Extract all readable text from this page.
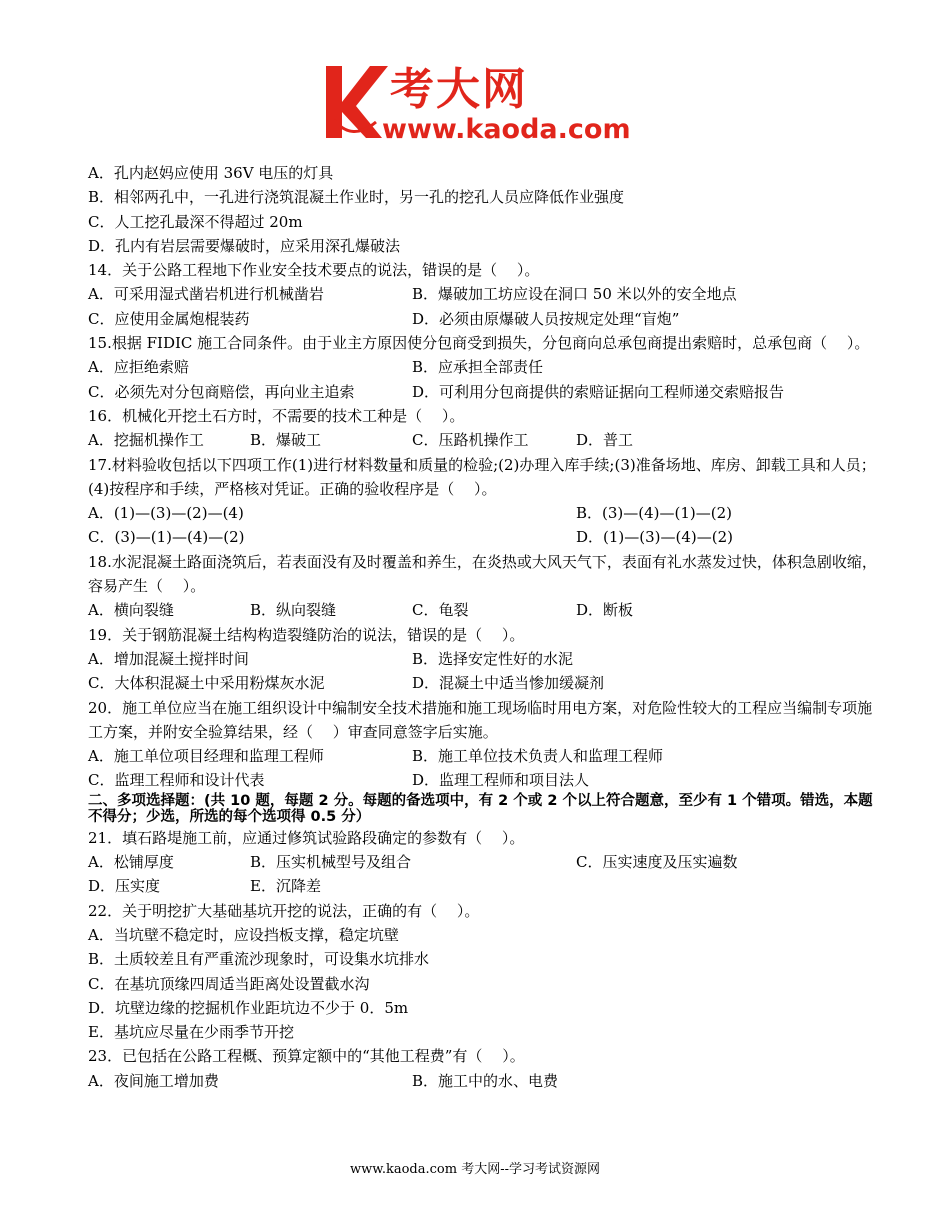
考大网
www.kaoda.com
A．孔内赵妈应使用 36V 电压的灯具
B．相邻两孔中，一孔进行浇筑混凝土作业时，另一孔的挖孔人员应降低作业强度
C．人工挖孔最深不得超过 20m
D．孔内有岩层需要爆破时，应采用深孔爆破法
14．关于公路工程地下作业安全技术要点的说法，错误的是（　 ）。
A．可采用湿式凿岩机进行机械凿岩	B．爆破加工坊应设在洞口 50 米以外的安全地点
C．应使用金属炮棍装药	D．必须由原爆破人员按规定处理“盲炮”
15.根据 FIDIC 施工合同条件。由于业主方原因使分包商受到损失，分包商向总承包商提出索赔时，总承包商（　 ）。
A．应拒绝索赔	B．应承担全部责任
C．必须先对分包商赔偿，再向业主追索	D．可利用分包商提供的索赔证据向工程师递交索赔报告
16．机械化开挖土石方时，不需要的技术工种是（　 ）。
A．挖掘机操作工	B．爆破工	C．压路机操作工	D．普工
17.材料验收包括以下四项工作(1)进行材料数量和质量的检验;(2)办理入库手续;(3)准备场地、库房、卸载工具和人员；(4)按程序和手续，严格核对凭证。正确的验收程序是（　 ）。
A．(1)—(3)—(2)—(4)	B．(3)—(4)—(1)—(2)
C．(3)—(1)—(4)—(2)	D．(1)—(3)—(4)—(2)
18.水泥混凝土路面浇筑后，若表面没有及时覆盖和养生，在炎热或大风天气下，表面有礼水蒸发过快，体积急剧收缩，容易产生（　 ）。
A．横向裂缝	B．纵向裂缝	C．龟裂	D．断板
19．关于钢筋混凝土结构构造裂缝防治的说法，错误的是（　 ）。
A．增加混凝土搅拌时间	B．选择安定性好的水泥
C．大体积混凝土中采用粉煤灰水泥	D．混凝土中适当惨加缓凝剂
20．施工单位应当在施工组织设计中编制安全技术措施和施工现场临时用电方案，对危险性较大的工程应当编制专项施工方案，并附安全验算结果，经（　 ）审查同意签字后实施。
A．施工单位项目经理和监理工程师	B．施工单位技术负责人和监理工程师
C．监理工程师和设计代表	D．监理工程师和项目法人
二、多项选择题：(共 10 题，每题 2 分。每题的备选项中，有 2 个或 2 个以上符合题意，至少有 1 个错项。错选，本题不得分；少选，所选的每个选项得 0.5 分）
21．填石路堤施工前，应通过修筑试验路段确定的参数有（　 ）。
A．松铺厚度	B．压实机械型号及组合	C．压实速度及压实遍数
D．压实度	E．沉降差
22．关于明挖扩大基础基坑开挖的说法，正确的有（　 ）。
A．当坑壁不稳定时，应设挡板支撑，稳定坑壁
B．土质较差且有严重流沙现象时，可设集水坑排水
C．在基坑顶缘四周适当距离处设置截水沟
D．坑壁边缘的挖掘机作业距坑边不少于 0．5m
E．基坑应尽量在少雨季节开挖
23．已包括在公路工程概、预算定额中的“其他工程费”有（　 ）。
A．夜间施工增加费	B．施工中的水、电费
www.kaoda.com 考大网--学习考试资源网
